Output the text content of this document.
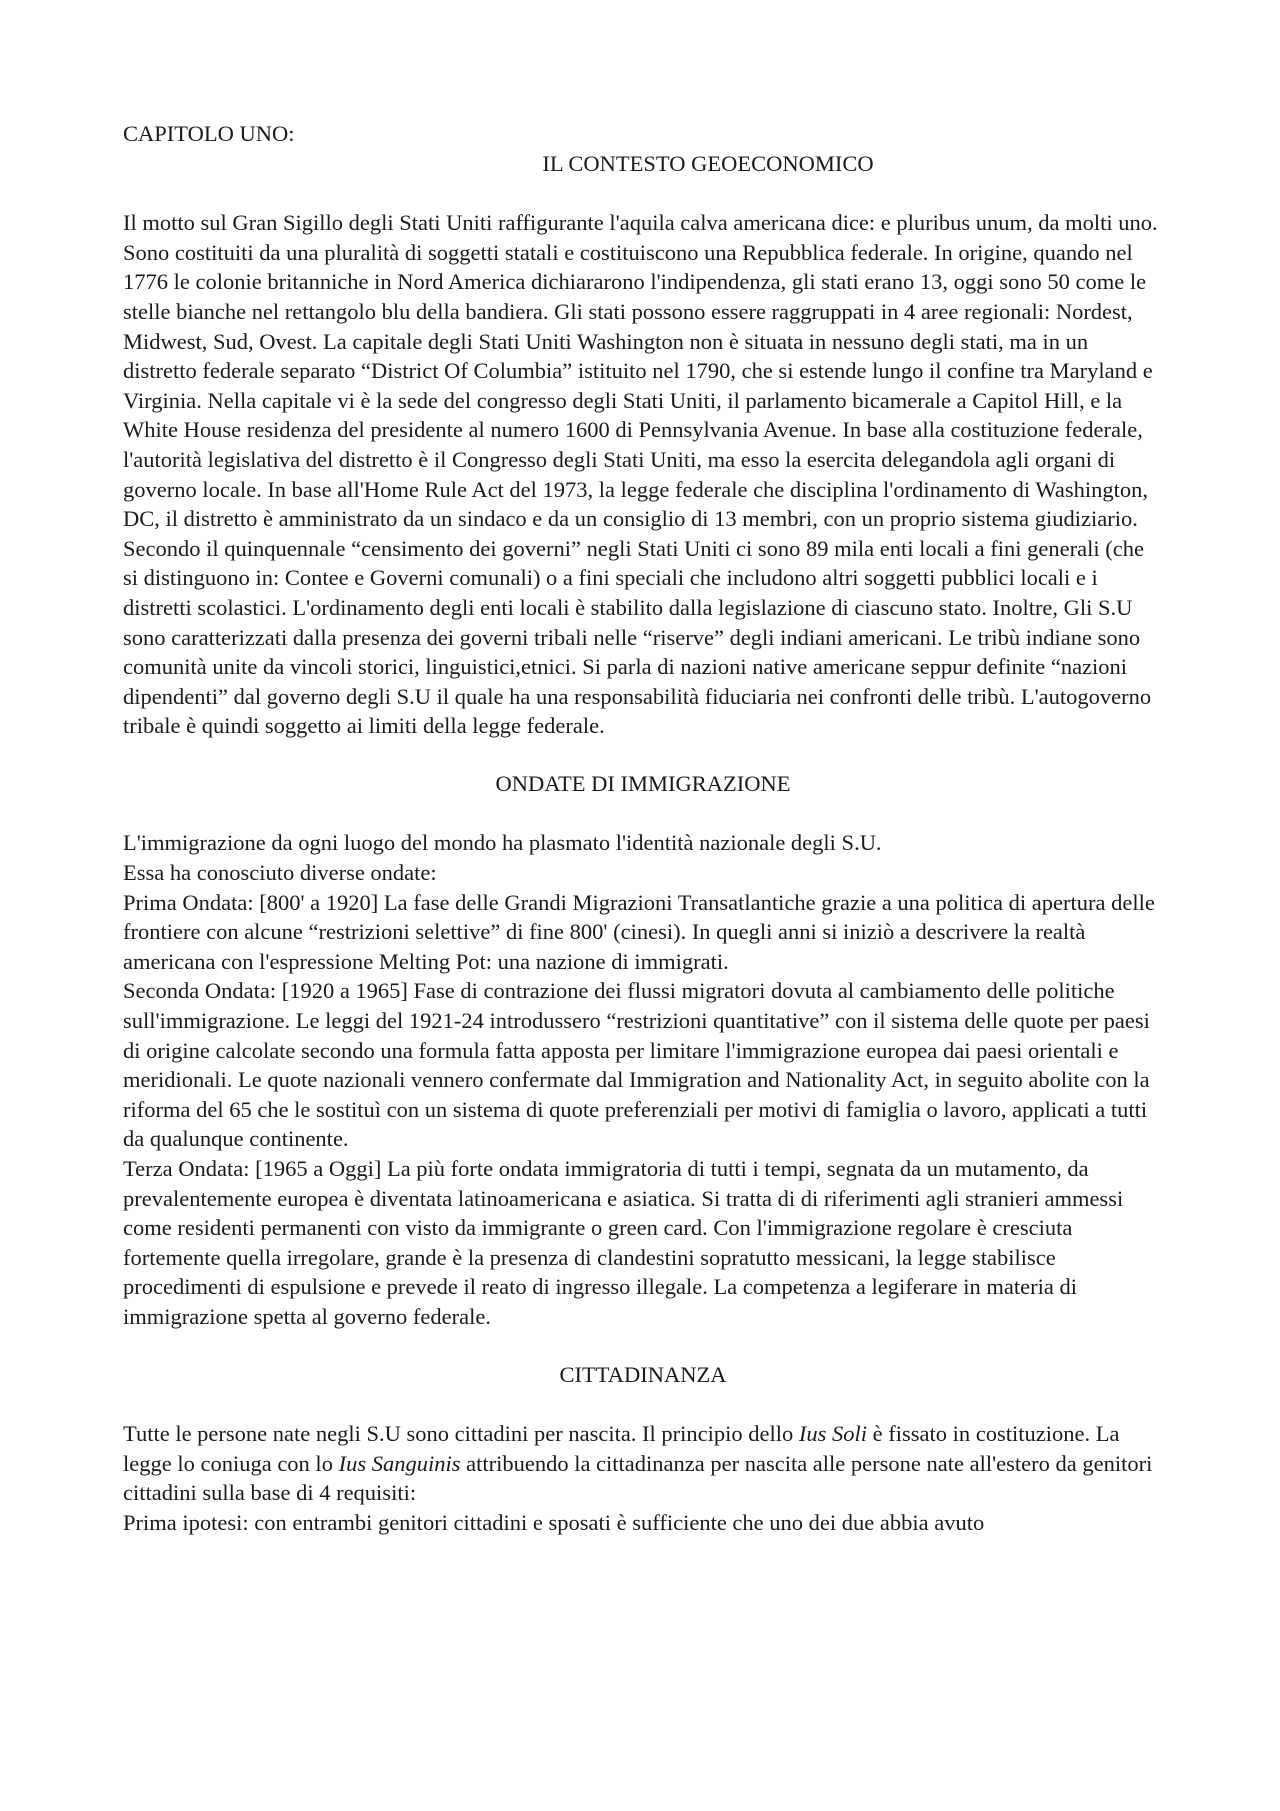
CAPITOLO UNO:
IL CONTESTO GEOECONOMICO

Il motto sul Gran Sigillo degli Stati Uniti raffigurante l'aquila calva americana dice: e pluribus unum, da molti uno. Sono costituiti da una pluralità di soggetti statali e costituiscono una Repubblica federale. In origine, quando nel 1776 le colonie britanniche in Nord America dichiararono l'indipendenza, gli stati erano 13, oggi sono 50 come le stelle bianche nel rettangolo blu della bandiera. Gli stati possono essere raggruppati in 4 aree regionali: Nordest, Midwest, Sud, Ovest. La capitale degli Stati Uniti Washington non è situata in nessuno degli stati, ma in un distretto federale separato “District Of Columbia” istituito nel 1790, che si estende lungo il confine tra Maryland e Virginia. Nella capitale vi è la sede del congresso degli Stati Uniti, il parlamento bicamerale a Capitol Hill, e la White House residenza del presidente al numero 1600 di Pennsylvania Avenue. In base alla costituzione federale, l'autorità legislativa del distretto è il Congresso degli Stati Uniti, ma esso la esercita delegandola agli organi di governo locale. In base all'Home Rule Act del 1973, la legge federale che disciplina l'ordinamento di Washington, DC, il distretto è amministrato da un sindaco e da un consiglio di 13 membri, con un proprio sistema giudiziario. Secondo il quinquennale “censimento dei governi” negli Stati Uniti ci sono 89 mila enti locali a fini generali (che si distinguono in: Contee e Governi comunali) o a fini speciali che includono altri soggetti pubblici locali e i distretti scolastici. L'ordinamento degli enti locali è stabilito dalla legislazione di ciascuno stato. Inoltre, Gli S.U sono caratterizzati dalla presenza dei governi tribali nelle “riserve” degli indiani americani. Le tribù indiane sono comunità unite da vincoli storici, linguistici,etnici. Si parla di nazioni native americane seppur definite “nazioni dipendenti” dal governo degli S.U il quale ha una responsabilità fiduciaria nei confronti delle tribù. L'autogoverno tribale è quindi soggetto ai limiti della legge federale.

ONDATE DI IMMIGRAZIONE
L'immigrazione da ogni luogo del mondo ha plasmato l'identità nazionale degli S.U.
Essa ha conosciuto diverse ondate:
Prima Ondata: [800' a 1920] La fase delle Grandi Migrazioni Transatlantiche grazie a una politica di apertura delle frontiere con alcune “restrizioni selettive” di fine 800' (cinesi). In quegli anni si iniziò a descrivere la realtà americana con l'espressione Melting Pot: una nazione di immigrati.
Seconda Ondata: [1920 a 1965] Fase di contrazione dei flussi migratori dovuta al cambiamento delle politiche sull'immigrazione. Le leggi del 1921-24 introdussero “restrizioni quantitative” con il sistema delle quote per paesi di origine calcolate secondo una formula fatta apposta per limitare l'immigrazione europea dai paesi orientali e meridionali. Le quote nazionali vennero confermate dal Immigration and Nationality Act, in seguito abolite con la riforma del 65 che le sostituì con un sistema di quote preferenziali per motivi di famiglia o lavoro, applicati a tutti da qualunque continente.
Terza Ondata: [1965 a Oggi] La più forte ondata immigratoria di tutti i tempi, segnata da un mutamento, da prevalentemente europea è diventata latinoamericana e asiatica. Si tratta di di riferimenti agli stranieri ammessi come residenti permanenti con visto da immigrante o green card. Con l'immigrazione regolare è cresciuta fortemente quella irregolare, grande è la presenza di clandestini sopratutto messicani, la legge stabilisce procedimenti di espulsione e prevede il reato di ingresso illegale. La competenza a legiferare in materia di immigrazione spetta al governo federale.
CITTADINANZA

Tutte le persone nate negli S.U sono cittadini per nascita. Il principio dello Ius Soli è fissato in costituzione. La legge lo coniuga con lo Ius Sanguinis attribuendo la cittadinanza per nascita alle persone nate all'estero da genitori cittadini sulla base di 4 requisiti:

Prima ipotesi: con entrambi genitori cittadini e sposati è sufficiente che uno dei due abbia avuto
